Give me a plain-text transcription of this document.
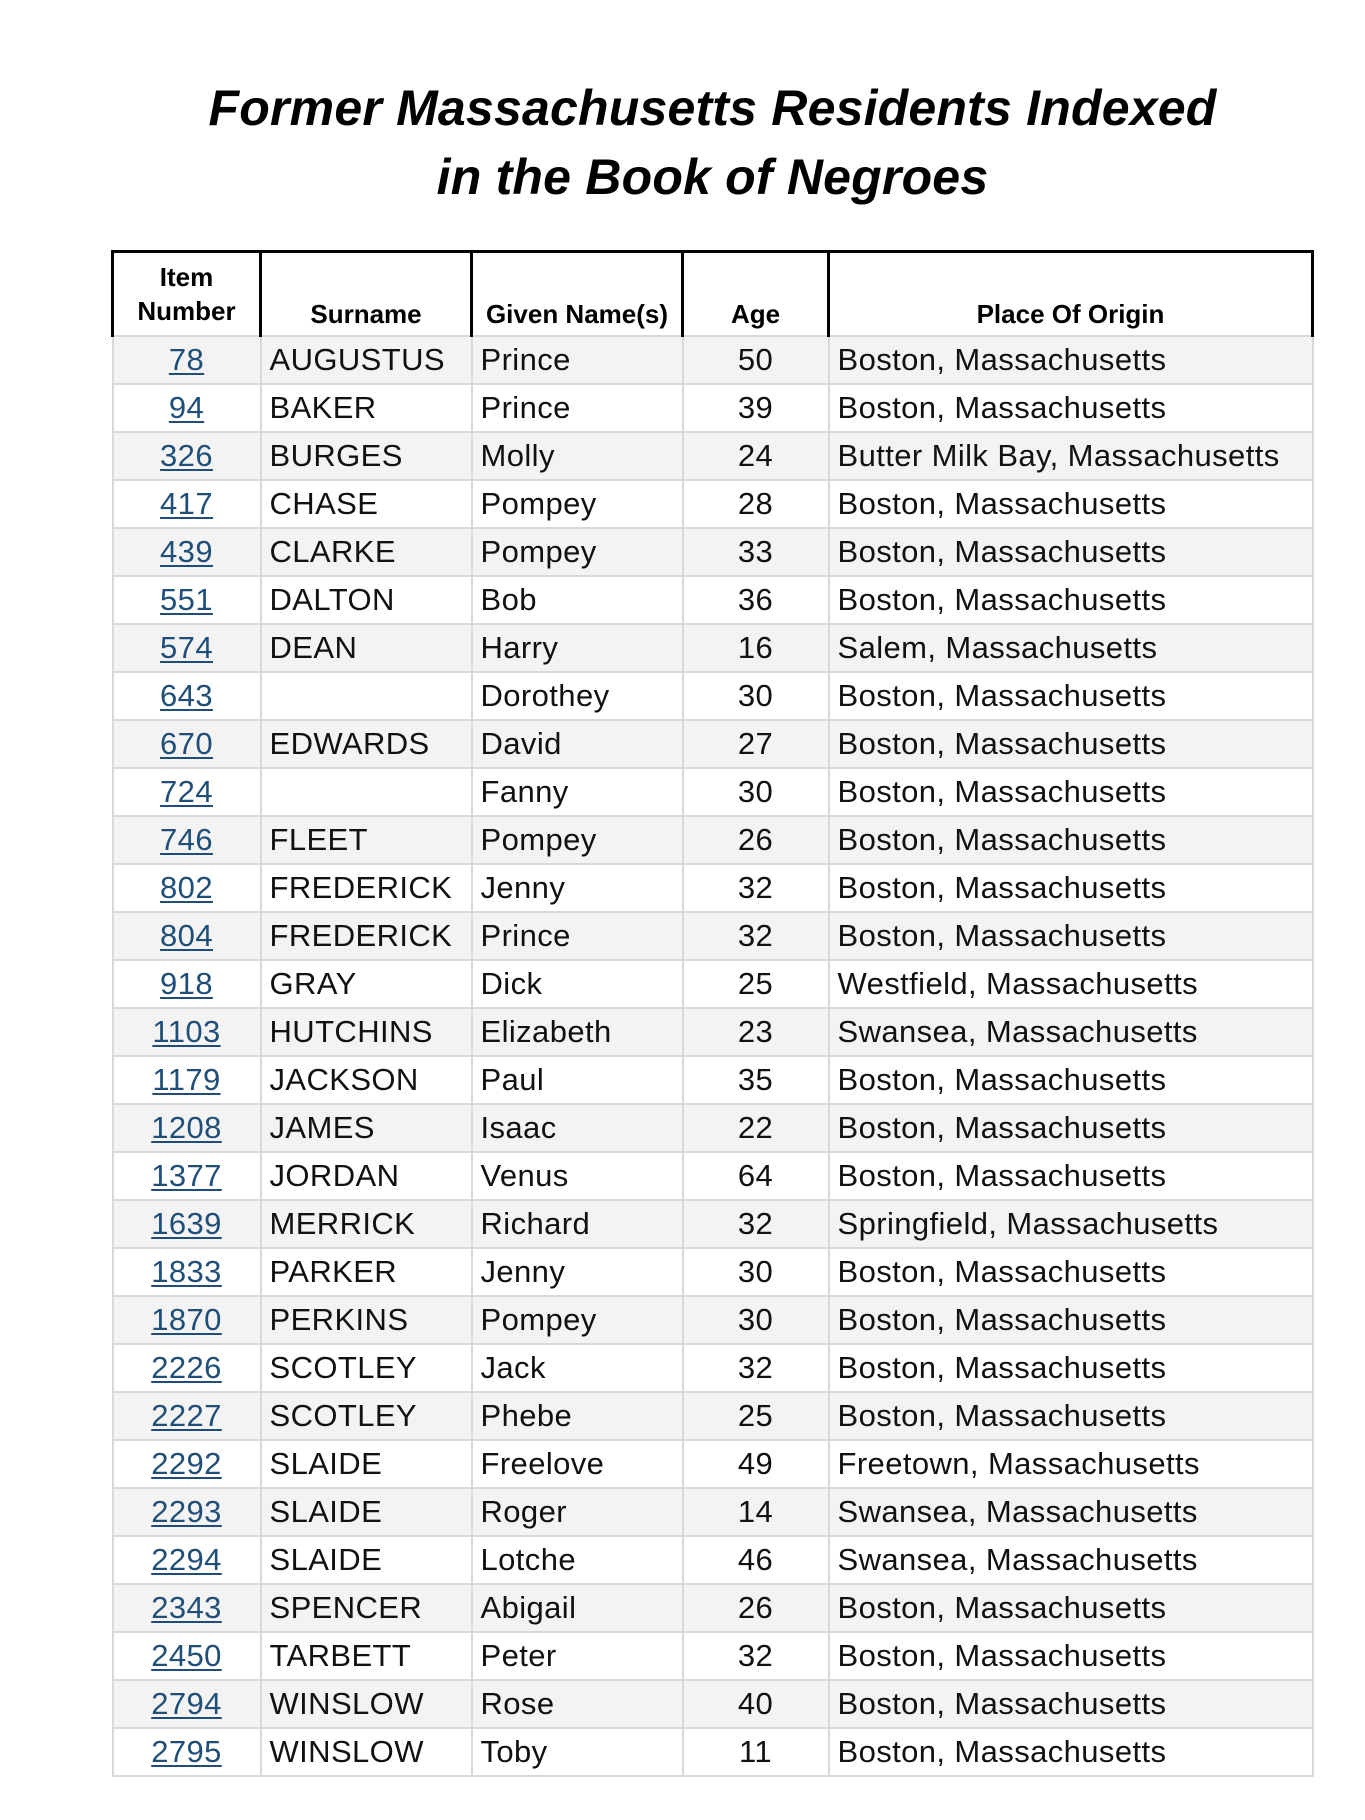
Former Massachusetts Residents Indexed
in the Book of Negroes
Item
Number	Surname	Given Name(s)	Age	Place Of Origin
78	AUGUSTUS	Prince	50	Boston, Massachusetts
94	BAKER	Prince	39	Boston, Massachusetts
326	BURGES	Molly	24	Butter Milk Bay, Massachusetts
417	CHASE	Pompey	28	Boston, Massachusetts
439	CLARKE	Pompey	33	Boston, Massachusetts
551	DALTON	Bob	36	Boston, Massachusetts
574	DEAN	Harry	16	Salem, Massachusetts
643		Dorothey	30	Boston, Massachusetts
670	EDWARDS	David	27	Boston, Massachusetts
724		Fanny	30	Boston, Massachusetts
746	FLEET	Pompey	26	Boston, Massachusetts
802	FREDERICK	Jenny	32	Boston, Massachusetts
804	FREDERICK	Prince	32	Boston, Massachusetts
918	GRAY	Dick	25	Westfield, Massachusetts
1103	HUTCHINS	Elizabeth	23	Swansea, Massachusetts
1179	JACKSON	Paul	35	Boston, Massachusetts
1208	JAMES	Isaac	22	Boston, Massachusetts
1377	JORDAN	Venus	64	Boston, Massachusetts
1639	MERRICK	Richard	32	Springfield, Massachusetts
1833	PARKER	Jenny	30	Boston, Massachusetts
1870	PERKINS	Pompey	30	Boston, Massachusetts
2226	SCOTLEY	Jack	32	Boston, Massachusetts
2227	SCOTLEY	Phebe	25	Boston, Massachusetts
2292	SLAIDE	Freelove	49	Freetown, Massachusetts
2293	SLAIDE	Roger	14	Swansea, Massachusetts
2294	SLAIDE	Lotche	46	Swansea, Massachusetts
2343	SPENCER	Abigail	26	Boston, Massachusetts
2450	TARBETT	Peter	32	Boston, Massachusetts
2794	WINSLOW	Rose	40	Boston, Massachusetts
2795	WINSLOW	Toby	11	Boston, Massachusetts
